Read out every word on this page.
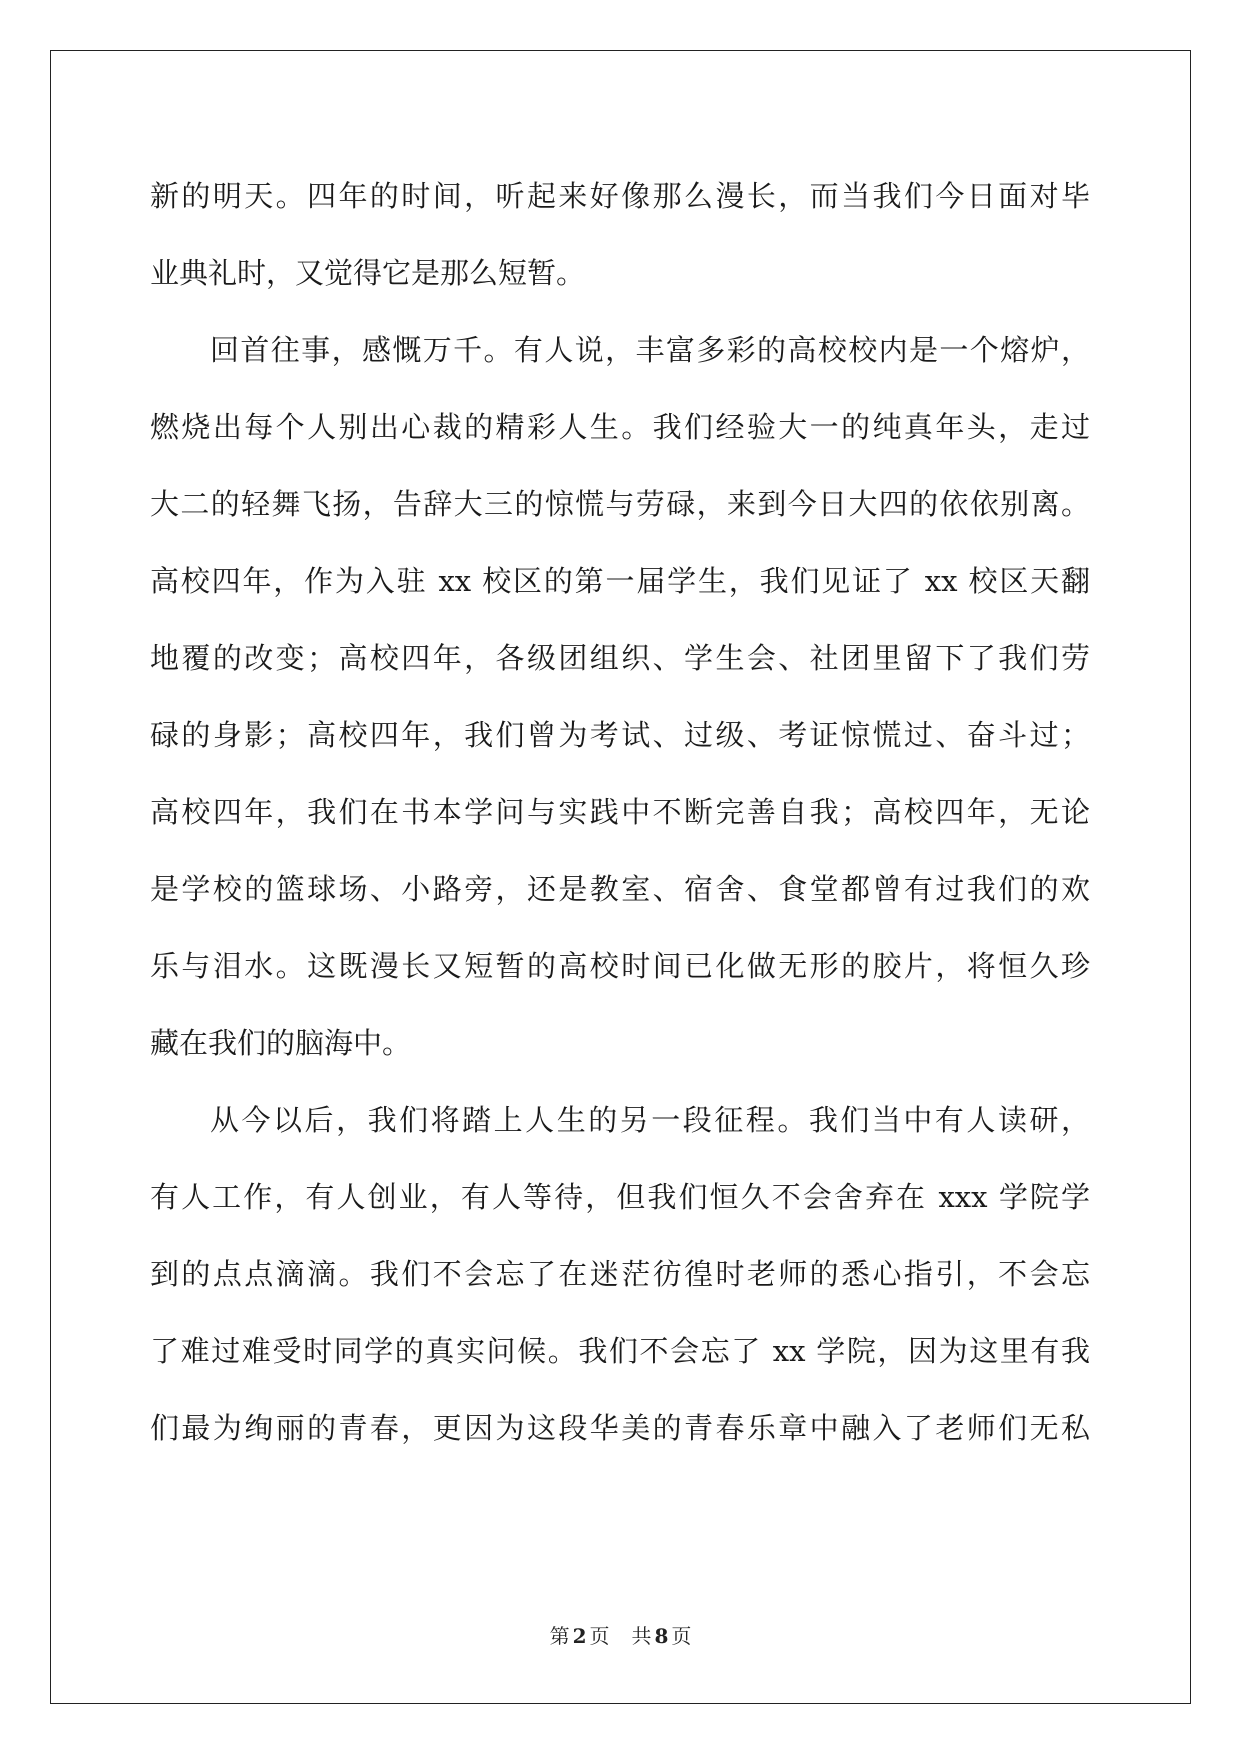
新的明天。四年的时间，听起来好像那么漫长，而当我们今日面对毕
业典礼时，又觉得它是那么短暂。
回首往事，感慨万千。有人说，丰富多彩的高校校内是一个熔炉，
燃烧出每个人别出心裁的精彩人生。我们经验大一的纯真年头，走过
大二的轻舞飞扬，告辞大三的惊慌与劳碌，来到今日大四的依依别离。
高校四年，作为入驻 xx 校区的第一届学生，我们见证了 xx 校区天翻
地覆的改变；高校四年，各级团组织、学生会、社团里留下了我们劳
碌的身影；高校四年，我们曾为考试、过级、考证惊慌过、奋斗过；
高校四年，我们在书本学问与实践中不断完善自我；高校四年，无论
是学校的篮球场、小路旁，还是教室、宿舍、食堂都曾有过我们的欢
乐与泪水。这既漫长又短暂的高校时间已化做无形的胶片，将恒久珍
藏在我们的脑海中。
从今以后，我们将踏上人生的另一段征程。我们当中有人读研，
有人工作，有人创业，有人等待，但我们恒久不会舍弃在 xxx 学院学
到的点点滴滴。我们不会忘了在迷茫彷徨时老师的悉心指引，不会忘
了难过难受时同学的真实问候。我们不会忘了 xx 学院，因为这里有我
们最为绚丽的青春，更因为这段华美的青春乐章中融入了老师们无私
第 2 页 共 8 页
